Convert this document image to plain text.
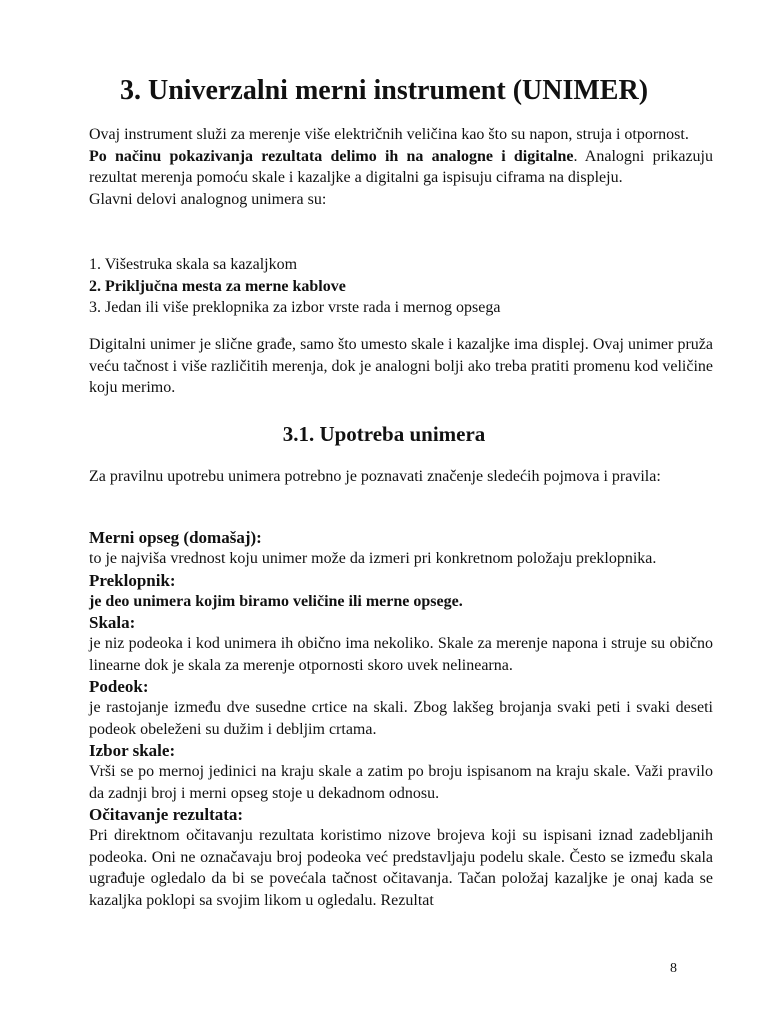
3. Univerzalni merni instrument (UNIMER)

Ovaj instrument služi za merenje više električnih veličina kao što su napon, struja i otpornost.
Po načinu pokazivanja rezultata delimo ih na analogne i digitalne. Analogni prikazuju rezultat merenja pomoću skale i kazaljke a digitalni ga ispisuju ciframa na displeju.
Glavni delovi analognog unimera su:

1. Višestruka skala sa kazaljkom
2. Priključna mesta za merne kablove
3. Jedan ili više preklopnika za izbor vrste rada i mernog opsega

Digitalni unimer je slične građe, samo što umesto skale i kazaljke ima displej. Ovaj unimer pruža veću tačnost i više različitih merenja, dok je analogni bolji ako treba pratiti promenu kod veličine koju merimo.

3.1. Upotreba unimera

Za pravilnu upotrebu unimera potrebno je poznavati značenje sledećih pojmova i pravila:

Merni opseg (domašaj):
to je najviša vrednost koju unimer može da izmeri pri konkretnom položaju preklopnika.
Preklopnik:
je deo unimera kojim biramo veličine ili merne opsege.
Skala:
je niz podeoka i kod unimera ih obično ima nekoliko. Skale za merenje napona i struje su obično linearne dok je skala za merenje otpornosti skoro uvek nelinearna.
Podeok:
je rastojanje između dve susedne crtice na skali. Zbog lakšeg brojanja svaki peti i svaki deseti podeok obeleženi su dužim i debljim crtama.
Izbor skale:
Vrši se po mernoj jedinici na kraju skale a zatim po broju ispisanom na kraju skale. Važi pravilo da zadnji broj i merni opseg stoje u dekadnom odnosu.
Očitavanje rezultata:
Pri direktnom očitavanju rezultata koristimo nizove brojeva koji su ispisani iznad zadebljanih podeoka. Oni ne označavaju broj podeoka već predstavljaju podelu skale. Često se između skala ugrađuje ogledalo da bi se povećala tačnost očitavanja. Tačan položaj kazaljke je onaj kada se kazaljka poklopi sa svojim likom u ogledalu. Rezultat
8
